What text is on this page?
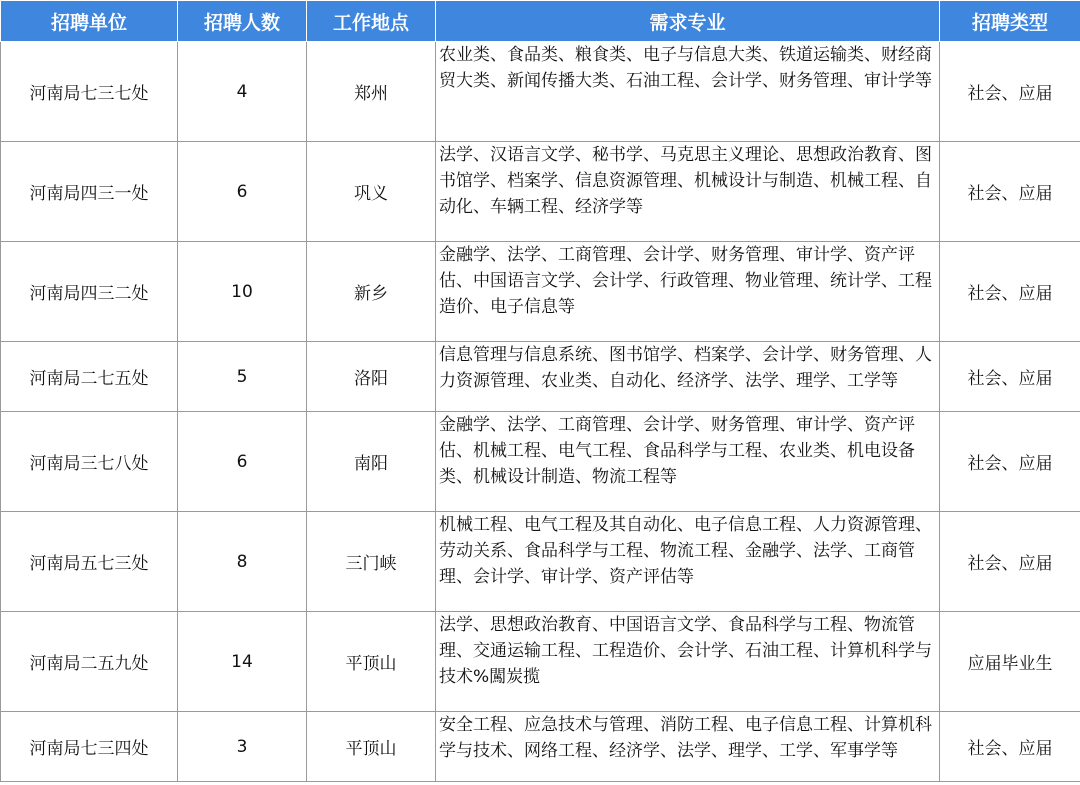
招聘单位	招聘人数	工作地点	需求专业	招聘类型
河南局七三七处	4	郑州	农业类、食品类、粮食类、电子与信息大类、铁道运输类、财经商贸大类、新闻传播大类、石油工程、会计学、财务管理、审计学等	社会、应届
河南局四三一处	6	巩义	法学、汉语言文学、秘书学、马克思主义理论、思想政治教育、图书馆学、档案学、信息资源管理、机械设计与制造、机械工程、自动化、车辆工程、经济学等	社会、应届
河南局四三二处	10	新乡	金融学、法学、工商管理、会计学、财务管理、审计学、资产评估、中国语言文学、会计学、行政管理、物业管理、统计学、工程造价、电子信息等	社会、应届
河南局二七五处	5	洛阳	信息管理与信息系统、图书馆学、档案学、会计学、财务管理、人力资源管理、农业类、自动化、经济学、法学、理学、工学等	社会、应届
河南局三七八处	6	南阳	金融学、法学、工商管理、会计学、财务管理、审计学、资产评估、机械工程、电气工程、食品科学与工程、农业类、机电设备类、机械设计制造、物流工程等	社会、应届
河南局五七三处	8	三门峡	机械工程、电气工程及其自动化、电子信息工程、人力资源管理、劳动关系、食品科学与工程、物流工程、金融学、法学、工商管理、会计学、审计学、资产评估等	社会、应届
河南局二五九处	14	平顶山	法学、思想政治教育、中国语言文学、食品科学与工程、物流管理、交通运输工程、工程造价、会计学、石油工程、计算机科学与技术%闖炭揽	应届毕业生
河南局七三四处	3	平顶山	安全工程、应急技术与管理、消防工程、电子信息工程、计算机科学与技术、网络工程、经济学、法学、理学、工学、军事学等	社会、应届
